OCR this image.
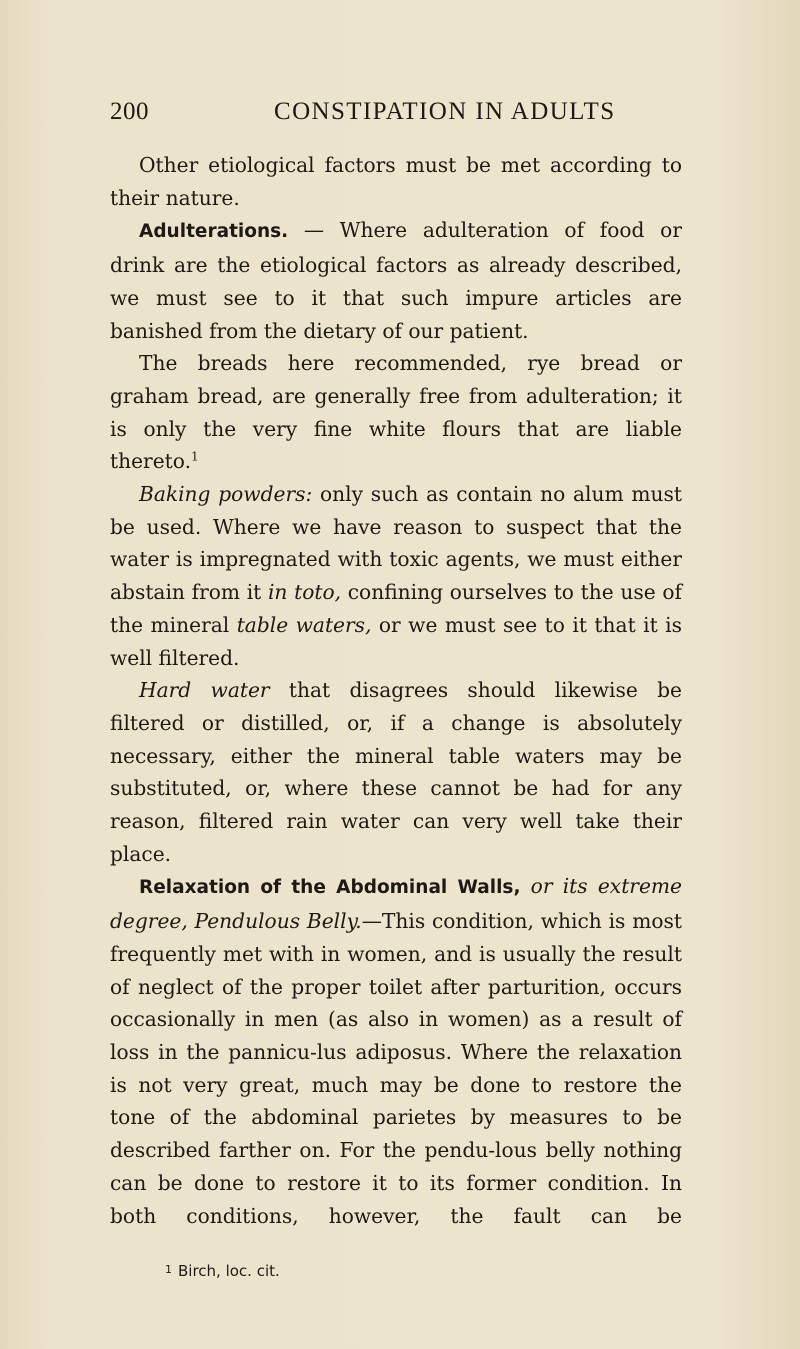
200	CONSTIPATION IN ADULTS

Other etiological factors must be met according to their nature.

Adulterations. — Where adulteration of food or drink are the etiological factors as already described, we must see to it that such impure articles are banished from the dietary of our patient.

The breads here recommended, rye bread or graham bread, are generally free from adulteration; it is only the very fine white flours that are liable thereto.$^1$

Baking powders: only such as contain no alum must be used. Where we have reason to suspect that the water is impregnated with toxic agents, we must either abstain from it in toto, confining ourselves to the use of the mineral table waters, or we must see to it that it is well filtered.

Hard water that disagrees should likewise be filtered or distilled, or, if a change is absolutely necessary, either the mineral table waters may be substituted, or, where these cannot be had for any reason, filtered rain water can very well take their place.

Relaxation of the Abdominal Walls, or its extreme degree, Pendulous Belly.—This condition, which is most frequently met with in women, and is usually the result of neglect of the proper toilet after parturition, occurs occasionally in men (as also in women) as a result of loss in the pannicu-lus adiposus. Where the relaxation is not very great, much may be done to restore the tone of the abdominal parietes by measures to be described farther on. For the pendu-lous belly nothing can be done to restore it to its former condition. In both conditions, however, the fault can be

$^1$ Birch, loc. cit.
